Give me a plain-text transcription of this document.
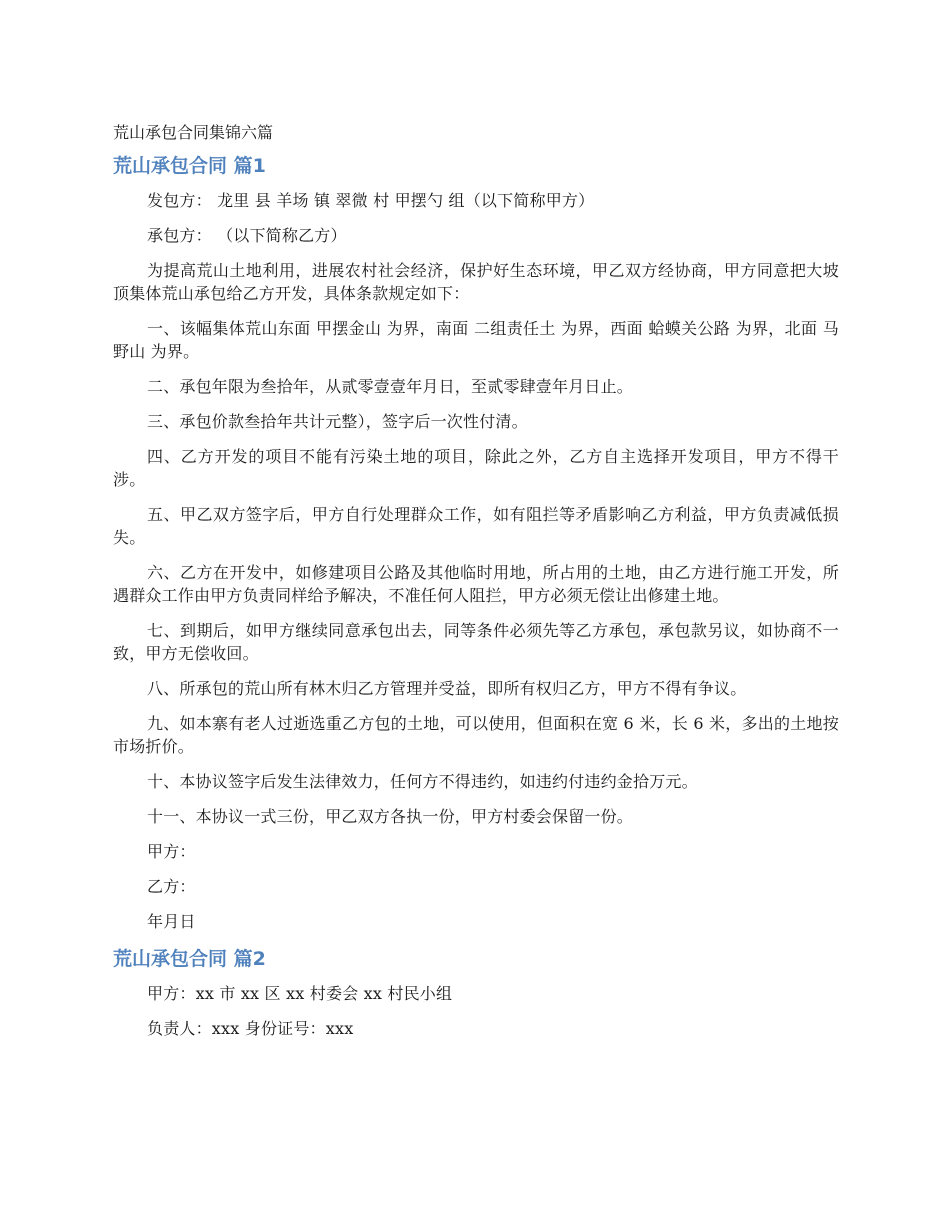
荒山承包合同集锦六篇
荒山承包合同 篇1

发包方： 龙里 县 羊场 镇 翠微 村 甲摆勺 组（以下简称甲方）

承包方： （以下简称乙方）

为提高荒山土地利用，进展农村社会经济，保护好生态环境，甲乙双方经协商，甲方同意把大坡顶集体荒山承包给乙方开发，具体条款规定如下：

一、该幅集体荒山东面 甲摆金山 为界，南面 二组责任土 为界，西面 蛤蟆关公路 为界，北面 马野山 为界。

二、承包年限为叁拾年，从贰零壹壹年月日，至贰零肆壹年月日止。

三、承包价款叁拾年共计元整），签字后一次性付清。

四、乙方开发的项目不能有污染土地的项目，除此之外，乙方自主选择开发项目，甲方不得干涉。

五、甲乙双方签字后，甲方自行处理群众工作，如有阻拦等矛盾影响乙方利益，甲方负责减低损失。

六、乙方在开发中，如修建项目公路及其他临时用地，所占用的土地，由乙方进行施工开发，所遇群众工作由甲方负责同样给予解决，不准任何人阻拦，甲方必须无偿让出修建土地。

七、到期后，如甲方继续同意承包出去，同等条件必须先等乙方承包，承包款另议，如协商不一致，甲方无偿收回。

八、所承包的荒山所有林木归乙方管理并受益，即所有权归乙方，甲方不得有争议。

九、如本寨有老人过逝选重乙方包的土地，可以使用，但面积在宽 6 米，长 6 米，多出的土地按市场折价。

十、本协议签字后发生法律效力，任何方不得违约，如违约付违约金拾万元。

十一、本协议一式三份，甲乙双方各执一份，甲方村委会保留一份。

甲方：

乙方：

年月日

荒山承包合同 篇2

甲方：xx 市 xx 区 xx 村委会 xx 村民小组

负责人：xxx 身份证号：xxx
